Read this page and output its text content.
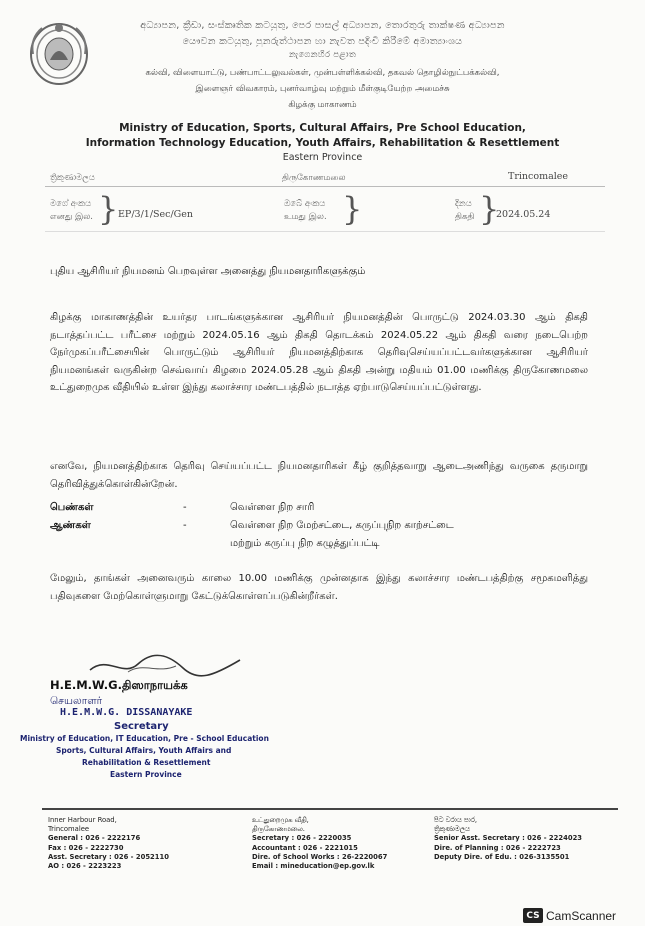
අධ්‍යාපන, ක්‍රීඩා, සංස්කෘතික කටයුතු, පෙර පාසල් අධ්‍යාපන, තොරතුරු තාක්ෂණ අධ්‍යාපන
යෞවන කටයුතු, පුනරුත්ථාපන හා නැවත පදිංචි කිරීමේ අමාත්‍යාංශය
නැගෙනහිර පළාත
கல்வி, விளையாட்டு, பண்பாட்டலுவல்கள், முன்பள்ளிக்கல்வி, தகவல் தொழில்நுட்பக்கல்வி,
இளைஞர் விவகாரம், புனர்வாழ்வு மற்றும் மீள்குடியேற்ற அமைச்சு
கிழக்கு மாகாணம்
Ministry of Education, Sports, Cultural Affairs, Pre School Education,
Information Technology Education, Youth Affairs, Rehabilitation & Resettlement
Eastern Province
ත්‍රිකුණාමලය	திருகோணமலை	Trincomalee
මගේ අංකය
எனது இல. } EP/3/1/Sec/Gen
ඔබේ අංකය
உமது இல. }	දිනය
திகதி }
2024.05.24
புதிய ஆசிரியர் நியமனம் பெறவுள்ள அனைத்து நியமனதாரிகளுக்கும்
கிழக்கு மாகாணத்தின் உயர்தர பாடங்களுக்கான ஆசிரியர் நியமனத்தின் பொருட்டு 2024.03.30 ஆம் திகதி நடாத்தப்பட்ட பரீட்சை மற்றும் 2024.05.16 ஆம் திகதி தொடக்கம் 2024.05.22 ஆம் திகதி வரை நடைபெற்ற நேர்முகப்பரீட்சையின் பொருட்டும் ஆசிரியர் நியமனத்திற்காக தெரிவுசெய்யப்பட்டவர்களுக்கான ஆசிரியர் நியமனங்கள் வருகின்ற செவ்வாய் கிழமை 2024.05.28 ஆம் திகதி அன்று மதியம் 01.00 மணிக்கு திருகோணமலை உட்துறைமுக வீதியில் உள்ள இந்து கலாச்சார மண்டபத்தில் நடாத்த ஏற்பாடுசெய்யப்பட்டுள்ளது.
எனவே, நியமனத்திற்காக தெரிவு செய்யப்பட்ட நியமனதாரிகள் கீழ் குறித்தவாறு ஆடைஅணிந்து வருகை தருமாறு தெரிவித்துக்கொள்கின்றேன்.
பெண்கள்	-	வெள்ளை நிற சாரி
ஆண்கள்	-	வெள்ளை நிற மேற்சட்டை, கருப்புநிற காற்சட்டை
மற்றும் கருப்பு நிற கழுத்துப்பட்டி
மேலும், தாங்கள் அனைவரும் காலை 10.00 மணிக்கு முன்னதாக இந்து கலாச்சார மண்டபத்திற்கு சமூகமளித்து பதிவுகளை மேற்கொள்ளுமாறு கேட்டுக்கொள்ளப்படுகின்றீர்கள்.
H.E.M.W.G.திஸாநாயக்க
செயலாளர்
H.E.M.W.G. DISSANAYAKE
Secretary
Ministry of Education, IT Education, Pre - School Education
Sports, Cultural Affairs, Youth Affairs and
Rehabilitation & Resettlement
Eastern Province
Inner Harbour Road,
Trincomalee
General : 026 - 2222176
Fax : 026 - 2222730
Asst. Secretary : 026 - 2052110
AO : 026 - 2223223
உட்துறைமுக வீதி,
திருகோணமலை.
Secretary : 026 - 2220035
Accountant : 026 - 2221015
Dire. of School Works : 26-2220067
Email : mineducation@ep.gov.lk
පිට වරාය පාර,
ත්‍රිකුණාමලය
Senior Asst. Secretary : 026 - 2224023
Dire. of Planning : 026 - 2222723
Deputy Dire. of Edu. : 026-3135501
CS CamScanner
